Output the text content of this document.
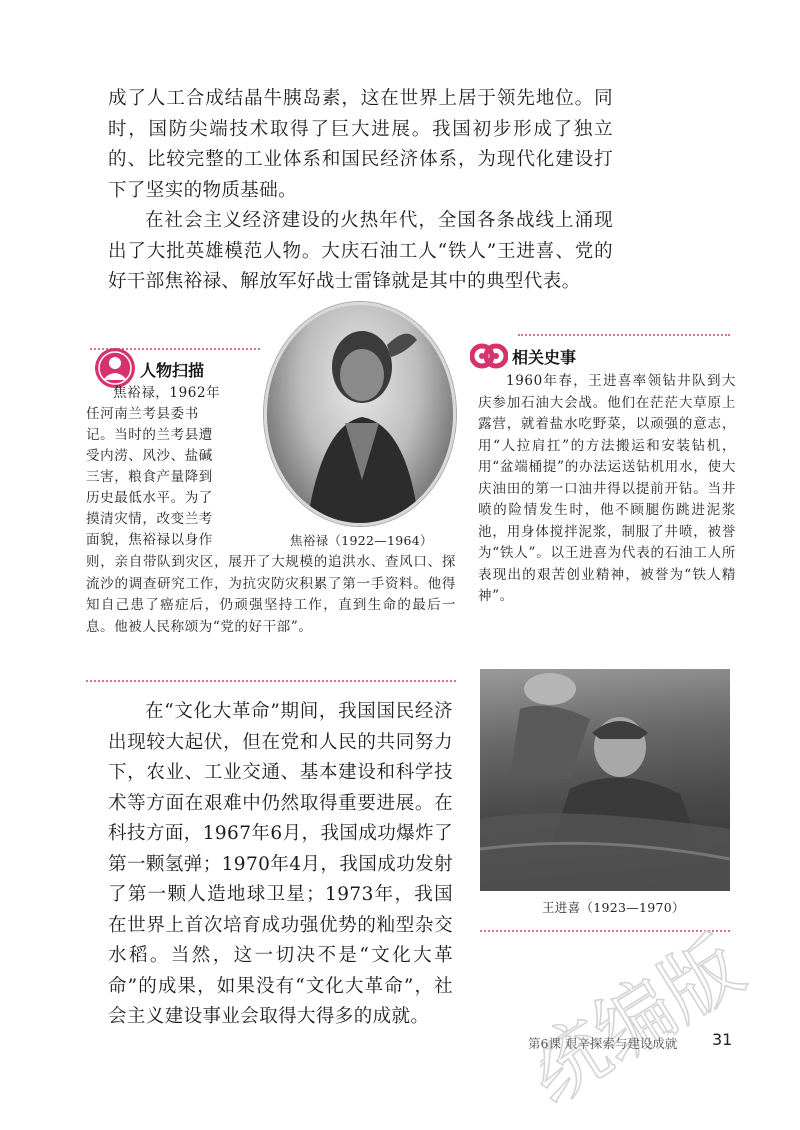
成了人工合成结晶牛胰岛素，这在世界上居于领先地位。同时，国防尖端技术取得了巨大进展。我国初步形成了独立的、比较完整的工业体系和国民经济体系，为现代化建设打下了坚实的物质基础。

在社会主义经济建设的火热年代，全国各条战线上涌现出了大批英雄模范人物。大庆石油工人“铁人”王进喜、党的好干部焦裕禄、解放军好战士雷锋就是其中的典型代表。

人物扫描

焦裕禄，1962年

任河南兰考县委书

记。当时的兰考县遭

受内涝、风沙、盐碱

三害，粮食产量降到

历史最低水平。为了

摸清灾情，改变兰考

面貌，焦裕禄以身作

则，亲自带队到灾区，展开了大规模的追洪水、查风口、探流沙的调查研究工作，为抗灾防灾积累了第一手资料。他得知自己患了癌症后，仍顽强坚持工作，直到生命的最后一息。他被人民称颂为“党的好干部”。

焦裕禄（1922—1964）

在“文化大革命”期间，我国国民经济出现较大起伏，但在党和人民的共同努力下，农业、工业交通、基本建设和科学技术等方面在艰难中仍然取得重要进展。在科技方面，1967年6月，我国成功爆炸了第一颗氢弹；1970年4月，我国成功发射了第一颗人造地球卫星；1973年，我国在世界上首次培育成功强优势的籼型杂交水稻。当然，这一切决不是“文化大革命”的成果，如果没有“文化大革命”，社会主义建设事业会取得大得多的成就。

相关史事

1960年春，王进喜率领钻井队到大庆参加石油大会战。他们在茫茫大草原上露营，就着盐水吃野菜，以顽强的意志，用“人拉肩扛”的方法搬运和安装钻机，用“盆端桶提”的办法运送钻机用水，使大庆油田的第一口油井得以提前开钻。当井喷的险情发生时，他不顾腿伤跳进泥浆池，用身体搅拌泥浆，制服了井喷，被誉为“铁人”。以王进喜为代表的石油工人所表现出的艰苦创业精神，被誉为“铁人精神”。

王进喜（1923—1970）
统编版
第6课 艰辛探索与建设成就 31
